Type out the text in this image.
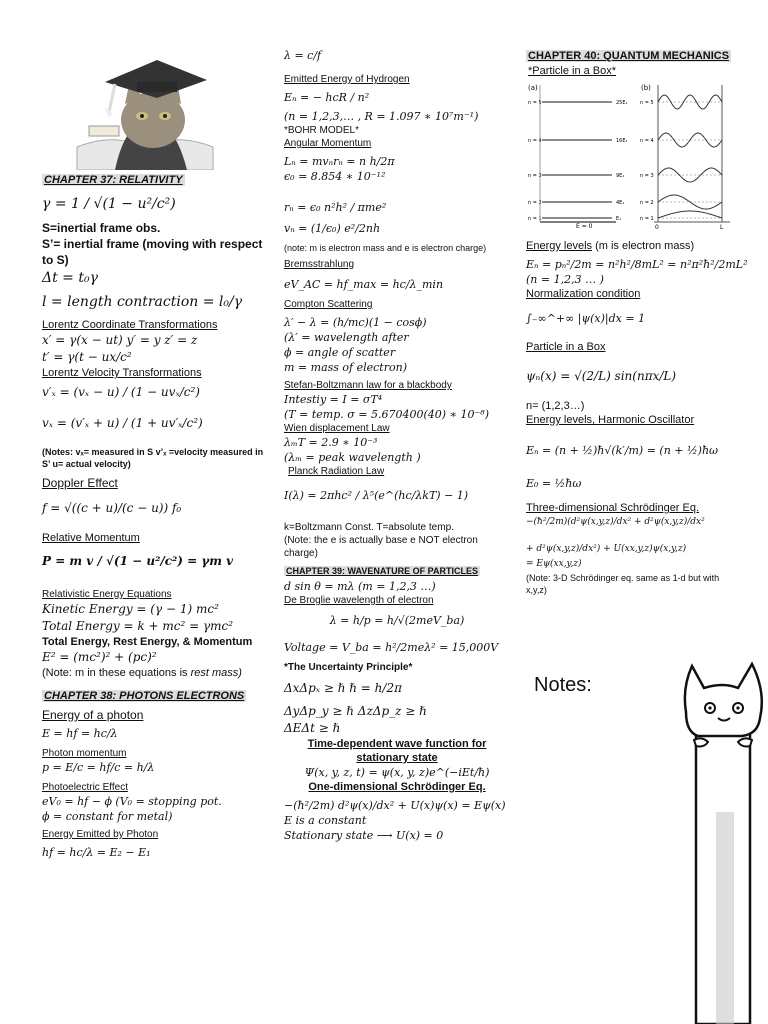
CHAPTER 37: RELATIVITY
γ = 1 / √(1 − u²/c²)
S=inertial frame obs.
S’= inertial frame (moving with respect to S)
Δt = t₀γ
l = length contraction = l₀/γ
Lorentz Coordinate Transformations
x′ = γ(x − ut) y′ = y z′ = z
t′ = γ(t − ux/c²
Lorentz Velocity Transformations
v′ₓ = (vₓ − u) / (1 − uvₓ/c²)
vₓ = (v′ₓ + u) / (1 + uv′ₓ/c²)
(Notes: vₓ= measured in S v’ₓ =velocity measured in S’ u= actual velocity)
Doppler Effect
f = √((c + u)/(c − u)) f₀
Relative Momentum
P = m v / √(1 − u²/c²) = γm v
Relativistic Energy Equations
Kinetic Energy = (γ − 1) mc²
Total Energy = k + mc² = γmc²
Total Energy, Rest Energy, & Momentum
E² = (mc²)² + (pc)²
(Note: m in these equations is rest mass)
CHAPTER 38: PHOTONS ELECTRONS
Energy of a photon
E = hf = hc/λ
Photon momentum
p = E/c = hf/c = h/λ
Photoelectric Effect
eV₀ = hf − ϕ (V₀ = stopping pot.
ϕ = constant for metal)
Energy Emitted by Photon
hf = hc/λ = E₂ − E₁
λ = c/f
Emitted Energy of Hydrogen
Eₙ = − hcR / n²
(n = 1,2,3,… , R = 1.097 ∗ 10⁷m⁻¹)
*BOHR MODEL*
Angular Momentum
Lₙ = mvₙrₙ = n h/2π
ϵ₀ = 8.854 ∗ 10⁻¹²
rₙ = ϵ₀ n²h² / πme²
vₙ = (1/ϵ₀) e²/2nh
(note: m is electron mass and e is electron charge)
Bremsstrahlung
eV_AC = hf_max = hc/λ_min
Compton Scattering
λ′ − λ = (h/mc)(1 − cosϕ)
(λ′ = wavelength after
ϕ = angle of scatter
m = mass of electron)
Stefan-Boltzmann law for a blackbody
Intestiy = I = σT⁴
(T = temp. σ = 5.670400(40) ∗ 10⁻⁸)
Wien displacement Law
λₘT = 2.9 ∗ 10⁻³
(λₘ = peak wavelength )
Planck Radiation Law
I(λ) = 2πhc² / λ⁵(e^(hc/λkT) − 1)
k=Boltzmann Const. T=absolute temp.
(Note: the e is actually base e NOT electron charge)
CHAPTER 39: WAVENATURE OF PARTICLES
d sin θ = mλ (m = 1,2,3 …)
De Broglie wavelength of electron
λ = h/p = h/√(2meV_ba)
Voltage = V_ba = h²/2meλ² = 15,000V
*The Uncertainty Principle*
ΔxΔpₓ ≥ ℏ ℏ = h/2π
ΔyΔp_y ≥ ℏ ΔzΔp_z ≥ ℏ
ΔEΔt ≥ ℏ
Time-dependent wave function for stationary state
Ψ(x, y, z, t) = ψ(x, y, z)e^(−iEt/ħ)
One-dimensional Schrödinger Eq.
−(ħ²/2m) d²ψ(x)/dx² + U(x)ψ(x) = Eψ(x)
E is a constant
Stationary state ⟶ U(x) = 0
CHAPTER 40: QUANTUM MECHANICS
*Particle in a Box*
(a)	(b)
n = 5	25E₁
n = 4	16E₁
n = 3	9E₁
n = 2	4E₁
n = 1	E₁
E = 0	0	L
n = 5
n = 4
n = 3
n = 2
n = 1
Energy levels (m is electron mass)
Eₙ = pₙ²/2m = n²h²/8mL² = n²π²ħ²/2mL²
(n = 1,2,3 … )
Normalization condition
∫₋∞^+∞ |ψ(x)|dx = 1
Particle in a Box
ψₙ(x) = √(2/L) sin(nπx/L)
n= (1,2,3…)
Energy levels, Harmonic Oscillator
Eₙ = (n + ½)ħ√(k′/m) = (n + ½)ħω
E₀ = ½ħω
Three-dimensional Schrödinger Eq.
−(ħ²/2m)(d²ψ(x,y,z)/dx² + d²ψ(x,y,z)/dx²
+ d²ψ(x,y,z)/dx²) + U(xx,y,z)ψ(x,y,z)
= Eψ(xx,y,z)
(Note: 3-D Schrödinger eq. same as 1-d but with x,y,z)
Notes:
